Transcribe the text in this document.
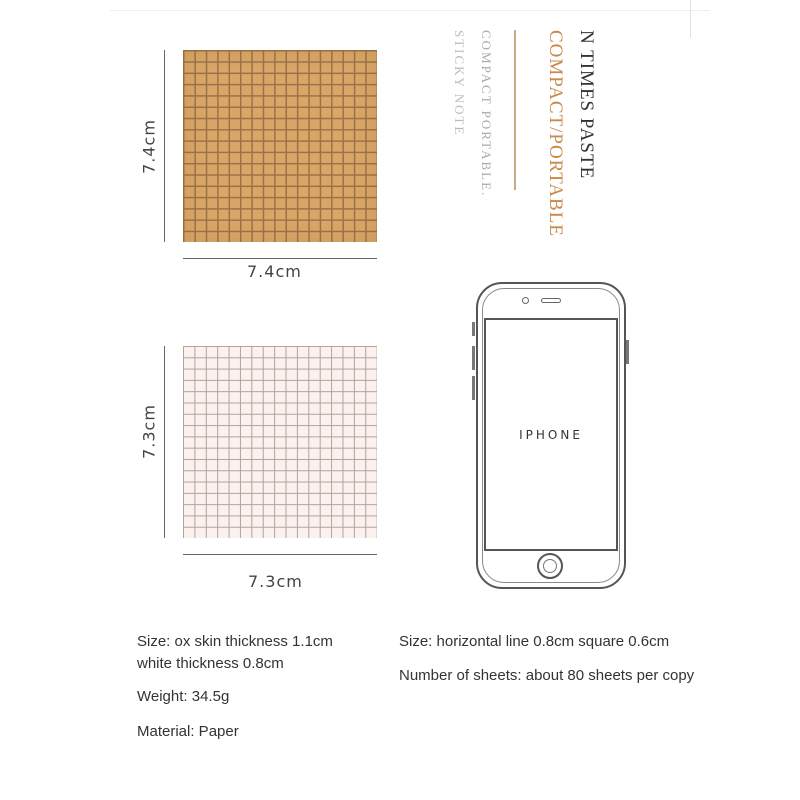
7.4cm
7.4cm
7.3cm
7.3cm
N TIMES PASTE
COMPACT/PORTABLE
COMPACT PORTABLE.
STICKY NOTE
IPHONE
Size: ox skin thickness 1.1cm
white thickness 0.8cm
Weight: 34.5g
Material: Paper
Size: horizontal line 0.8cm square 0.6cm
Number of sheets: about 80 sheets per copy
